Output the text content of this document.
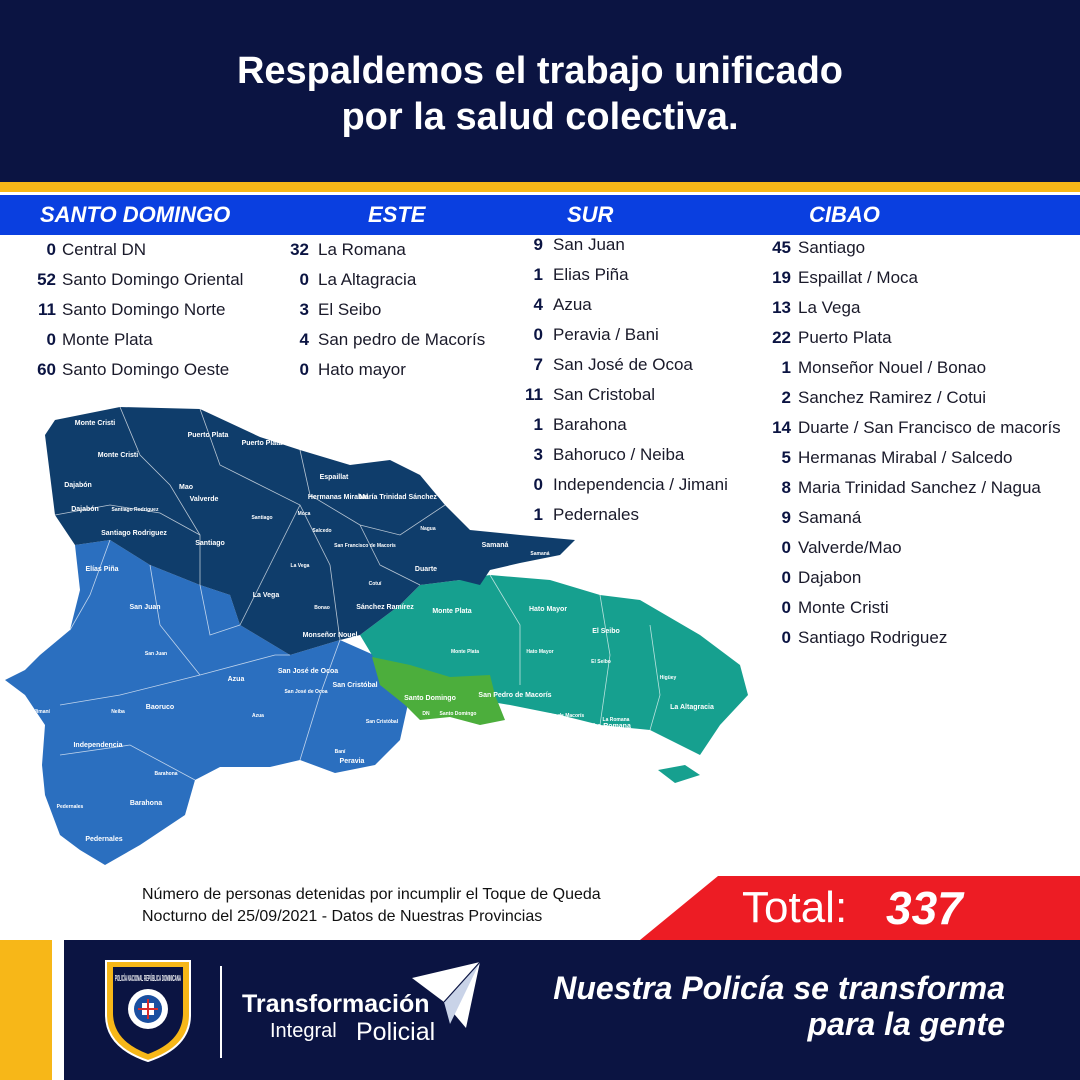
Respaldemos el trabajo unificado
por la salud colectiva.
SANTO DOMINGO	ESTE	SUR	CIBAO
0 Central DN
52 Santo Domingo Oriental
11 Santo Domingo Norte
0 Monte Plata
60 Santo Domingo Oeste
32 La Romana
0 La Altagracia
3 El Seibo
4 San pedro de Macorís
0 Hato mayor
9 San Juan
1 Elias Piña
4 Azua
0 Peravia / Bani
7 San José de Ocoa
11 San Cristobal
1 Barahona
3 Bahoruco / Neiba
0 Independencia / Jimani
1 Pedernales
45 Santiago
19 Espaillat / Moca
13 La Vega
22 Puerto Plata
1 Monseñor Nouel / Bonao
2 Sanchez Ramirez / Cotui
14 Duarte / San Francisco de macorís
5 Hermanas Mirabal / Salcedo
8 Maria Trinidad Sanchez / Nagua
9 Samaná
0 Valverde/Mao
0 Dajabon
0 Monte Cristi
0 Santiago Rodriguez
Monte Cristi
Puerto Plata
Puerto Plata
Monte Cristi
Dajabón	Mao
Valverde
Dajabón	Santiago Rodriguez
Santiago
Moca
Santiago Rodriguez
Santiago
Espaillat
Hermanas Mirabal
María Trinidad Sánchez
Nagua
Salcedo
San Francisco de Macorís	Samaná
Samaná
La Vega	Duarte
Cotuí
La Vega
Bonao	Sánchez Ramírez
Monseñor Nouel
Elías Piña
Comendador
San Juan
San Juan
Azua
Azua
San José de Ocoa
San José de Ocoa
San Cristóbal
San Cristóbal
Baní
Peravia
Jimaní	Neiba
Baoruco
Independencia
Barahona
Barahona
Pedernales
Pedernales
Monte Plata
Monte Plata
Hato Mayor
Hato Mayor
El Seibo
El Seibo
Higüey
La Altagracia
La Romana
La Romana
San Pedro de Macorís
San Pedro de Macorís
Santo Domingo
DN Santo Domingo
Número de personas detenidas por incumplir el Toque de Queda
Nocturno del 25/09/2021 - Datos de Nuestras Provincias	Total: 337
POLICÍA NACIONAL REPÚBLICA DOMINICANA
Transformación
Integral Policial
Nuestra Policía se transforma
para la gente
